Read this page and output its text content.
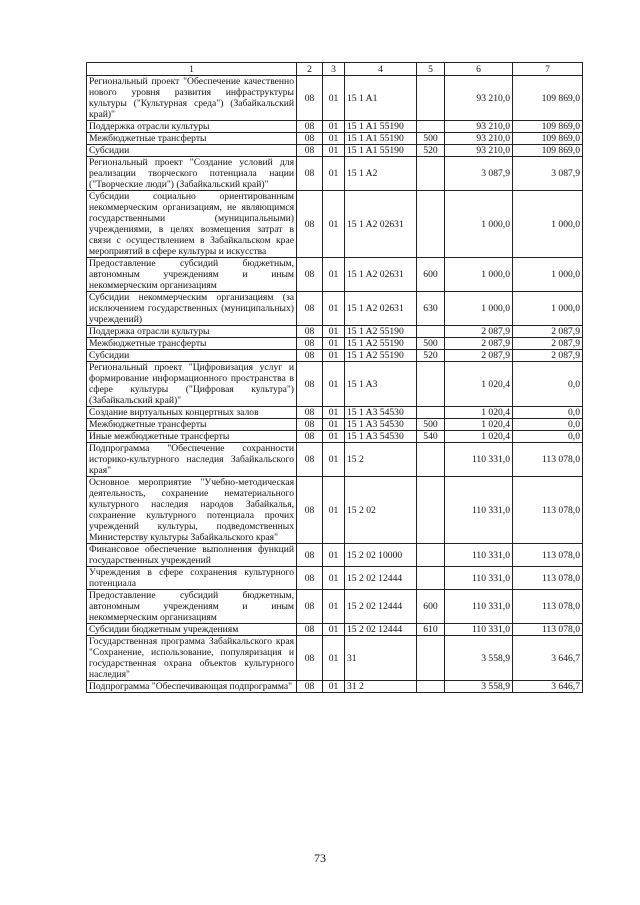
1	2	3	4	5	6	7
Региональный проект "Обеспечение качественно нового уровня развития инфраструктуры культуры ("Культурная среда") (Забайкальский край)"	08	01	15 1 A1		93 210,0	109 869,0
Поддержка отрасли культуры	08	01	15 1 A1 55190		93 210,0	109 869,0
Межбюджетные трансферты	08	01	15 1 A1 55190	500	93 210,0	109 869,0
Субсидии	08	01	15 1 A1 55190	520	93 210,0	109 869,0
Региональный проект "Создание условий для реализации творческого потенциала нации ("Творческие люди") (Забайкальский край)"	08	01	15 1 A2		3 087,9	3 087,9
Субсидии социально ориентированным некоммерческим организациям, не являющимся государственными (муниципальными) учреждениями, в целях возмещения затрат в связи с осуществлением в Забайкальском крае мероприятий в сфере культуры и искусства	08	01	15 1 A2 02631		1 000,0	1 000,0
Предоставление субсидий бюджетным, автономным учреждениям и иным некоммерческим организациям	08	01	15 1 A2 02631	600	1 000,0	1 000,0
Субсидии некоммерческим организациям (за исключением государственных (муниципальных) учреждений)	08	01	15 1 A2 02631	630	1 000,0	1 000,0
Поддержка отрасли культуры	08	01	15 1 A2 55190		2 087,9	2 087,9
Межбюджетные трансферты	08	01	15 1 A2 55190	500	2 087,9	2 087,9
Субсидии	08	01	15 1 A2 55190	520	2 087,9	2 087,9
Региональный проект "Цифровизация услуг и формирование информационного пространства в сфере культуры ("Цифровая культура") (Забайкальский край)"	08	01	15 1 A3		1 020,4	0,0
Создание виртуальных концертных залов	08	01	15 1 A3 54530		1 020,4	0,0
Межбюджетные трансферты	08	01	15 1 A3 54530	500	1 020,4	0,0
Иные межбюджетные трансферты	08	01	15 1 A3 54530	540	1 020,4	0,0
Подпрограмма "Обеспечение сохранности историко-культурного наследия Забайкальского края"	08	01	15 2		110 331,0	113 078,0
Основное мероприятие "Учебно-методическая деятельность, сохранение нематериального культурного наследия народов Забайкалья, сохранение культурного потенциала прочих учреждений культуры, подведомственных Министерству культуры Забайкальского края"	08	01	15 2 02		110 331,0	113 078,0
Финансовое обеспечение выполнения функций государственных учреждений	08	01	15 2 02 10000		110 331,0	113 078,0
Учреждения в сфере сохранения культурного потенциала	08	01	15 2 02 12444		110 331,0	113 078,0
Предоставление субсидий бюджетным, автономным учреждениям и иным некоммерческим организациям	08	01	15 2 02 12444	600	110 331,0	113 078,0
Субсидии бюджетным учреждениям	08	01	15 2 02 12444	610	110 331,0	113 078,0
Государственная программа Забайкальского края "Сохранение, использование, популяризация и государственная охрана объектов культурного наследия"	08	01	31		3 558,9	3 646,7
Подпрограмма "Обеспечивающая подпрограмма"	08	01	31 2		3 558,9	3 646,7
73
